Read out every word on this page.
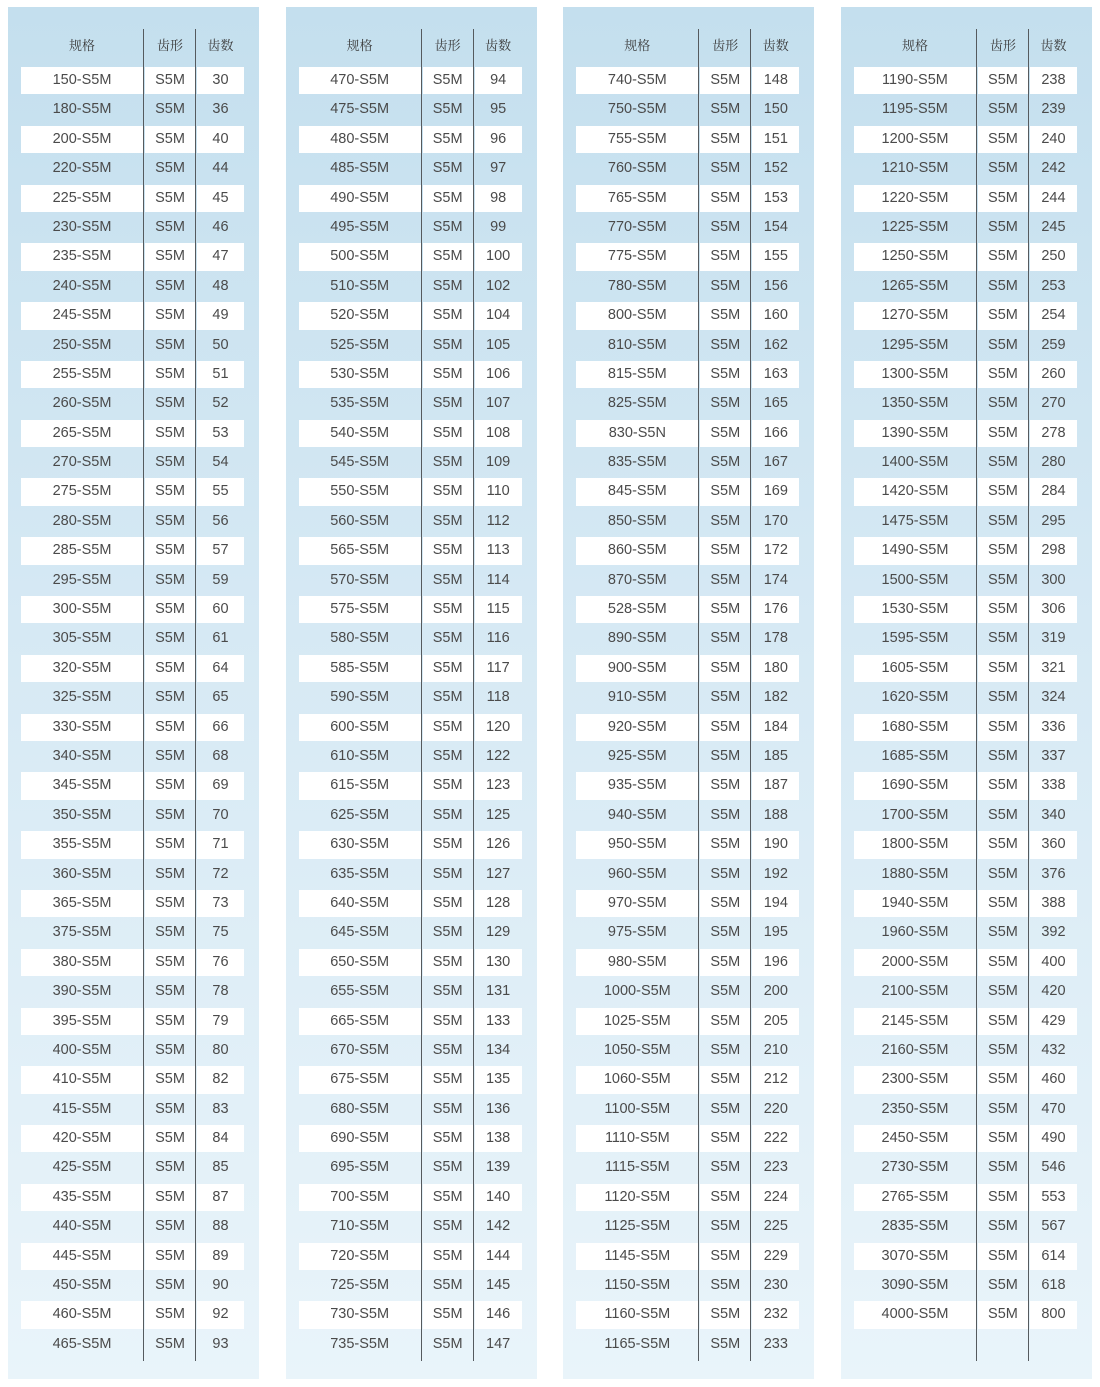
规格	齿形	齿数
150-S5M	S5M	30
180-S5M	S5M	36
200-S5M	S5M	40
220-S5M	S5M	44
225-S5M	S5M	45
230-S5M	S5M	46
235-S5M	S5M	47
240-S5M	S5M	48
245-S5M	S5M	49
250-S5M	S5M	50
255-S5M	S5M	51
260-S5M	S5M	52
265-S5M	S5M	53
270-S5M	S5M	54
275-S5M	S5M	55
280-S5M	S5M	56
285-S5M	S5M	57
295-S5M	S5M	59
300-S5M	S5M	60
305-S5M	S5M	61
320-S5M	S5M	64
325-S5M	S5M	65
330-S5M	S5M	66
340-S5M	S5M	68
345-S5M	S5M	69
350-S5M	S5M	70
355-S5M	S5M	71
360-S5M	S5M	72
365-S5M	S5M	73
375-S5M	S5M	75
380-S5M	S5M	76
390-S5M	S5M	78
395-S5M	S5M	79
400-S5M	S5M	80
410-S5M	S5M	82
415-S5M	S5M	83
420-S5M	S5M	84
425-S5M	S5M	85
435-S5M	S5M	87
440-S5M	S5M	88
445-S5M	S5M	89
450-S5M	S5M	90
460-S5M	S5M	92
465-S5M	S5M	93
规格	齿形	齿数
470-S5M	S5M	94
475-S5M	S5M	95
480-S5M	S5M	96
485-S5M	S5M	97
490-S5M	S5M	98
495-S5M	S5M	99
500-S5M	S5M	100
510-S5M	S5M	102
520-S5M	S5M	104
525-S5M	S5M	105
530-S5M	S5M	106
535-S5M	S5M	107
540-S5M	S5M	108
545-S5M	S5M	109
550-S5M	S5M	110
560-S5M	S5M	112
565-S5M	S5M	113
570-S5M	S5M	114
575-S5M	S5M	115
580-S5M	S5M	116
585-S5M	S5M	117
590-S5M	S5M	118
600-S5M	S5M	120
610-S5M	S5M	122
615-S5M	S5M	123
625-S5M	S5M	125
630-S5M	S5M	126
635-S5M	S5M	127
640-S5M	S5M	128
645-S5M	S5M	129
650-S5M	S5M	130
655-S5M	S5M	131
665-S5M	S5M	133
670-S5M	S5M	134
675-S5M	S5M	135
680-S5M	S5M	136
690-S5M	S5M	138
695-S5M	S5M	139
700-S5M	S5M	140
710-S5M	S5M	142
720-S5M	S5M	144
725-S5M	S5M	145
730-S5M	S5M	146
735-S5M	S5M	147
规格	齿形	齿数
740-S5M	S5M	148
750-S5M	S5M	150
755-S5M	S5M	151
760-S5M	S5M	152
765-S5M	S5M	153
770-S5M	S5M	154
775-S5M	S5M	155
780-S5M	S5M	156
800-S5M	S5M	160
810-S5M	S5M	162
815-S5M	S5M	163
825-S5M	S5M	165
830-S5N	S5M	166
835-S5M	S5M	167
845-S5M	S5M	169
850-S5M	S5M	170
860-S5M	S5M	172
870-S5M	S5M	174
528-S5M	S5M	176
890-S5M	S5M	178
900-S5M	S5M	180
910-S5M	S5M	182
920-S5M	S5M	184
925-S5M	S5M	185
935-S5M	S5M	187
940-S5M	S5M	188
950-S5M	S5M	190
960-S5M	S5M	192
970-S5M	S5M	194
975-S5M	S5M	195
980-S5M	S5M	196
1000-S5M	S5M	200
1025-S5M	S5M	205
1050-S5M	S5M	210
1060-S5M	S5M	212
1100-S5M	S5M	220
1110-S5M	S5M	222
1115-S5M	S5M	223
1120-S5M	S5M	224
1125-S5M	S5M	225
1145-S5M	S5M	229
1150-S5M	S5M	230
1160-S5M	S5M	232
1165-S5M	S5M	233
规格	齿形	齿数
1190-S5M	S5M	238
1195-S5M	S5M	239
1200-S5M	S5M	240
1210-S5M	S5M	242
1220-S5M	S5M	244
1225-S5M	S5M	245
1250-S5M	S5M	250
1265-S5M	S5M	253
1270-S5M	S5M	254
1295-S5M	S5M	259
1300-S5M	S5M	260
1350-S5M	S5M	270
1390-S5M	S5M	278
1400-S5M	S5M	280
1420-S5M	S5M	284
1475-S5M	S5M	295
1490-S5M	S5M	298
1500-S5M	S5M	300
1530-S5M	S5M	306
1595-S5M	S5M	319
1605-S5M	S5M	321
1620-S5M	S5M	324
1680-S5M	S5M	336
1685-S5M	S5M	337
1690-S5M	S5M	338
1700-S5M	S5M	340
1800-S5M	S5M	360
1880-S5M	S5M	376
1940-S5M	S5M	388
1960-S5M	S5M	392
2000-S5M	S5M	400
2100-S5M	S5M	420
2145-S5M	S5M	429
2160-S5M	S5M	432
2300-S5M	S5M	460
2350-S5M	S5M	470
2450-S5M	S5M	490
2730-S5M	S5M	546
2765-S5M	S5M	553
2835-S5M	S5M	567
3070-S5M	S5M	614
3090-S5M	S5M	618
4000-S5M	S5M	800
